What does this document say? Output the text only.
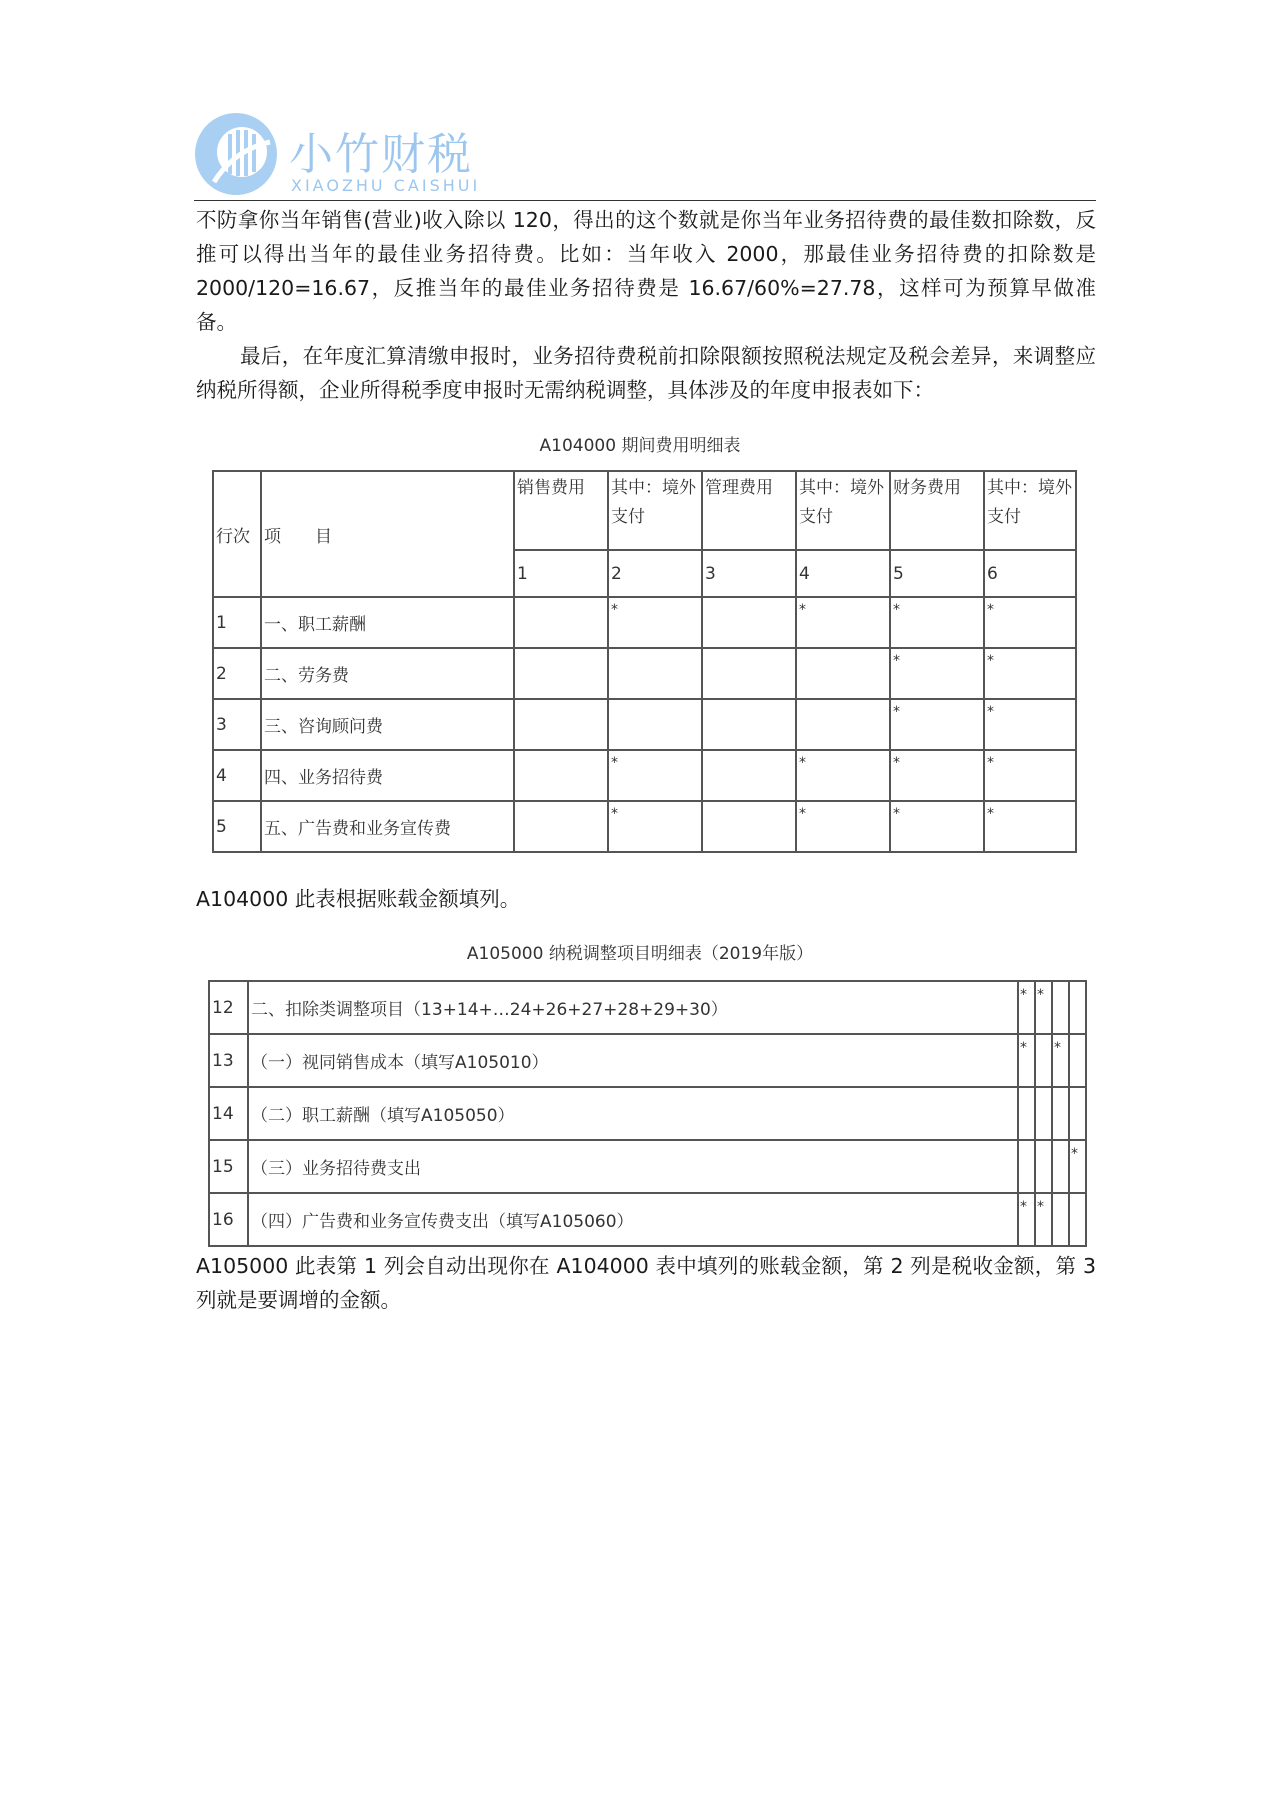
小竹财税
XIAOZHU CAISHUI

不防拿你当年销售(营业)收入除以 120，得出的这个数就是你当年业务招待费的最佳数扣除数，反推可以得出当年的最佳业务招待费。比如：当年收入 2000，那最佳业务招待费的扣除数是 2000/120=16.67，反推当年的最佳业务招待费是 16.67/60%=27.78，这样可为预算早做准备。

最后，在年度汇算清缴申报时，业务招待费税前扣除限额按照税法规定及税会差异，来调整应纳税所得额，企业所得税季度申报时无需纳税调整，具体涉及的年度申报表如下：

A104000 期间费用明细表
行次	项　　目	销售费用	其中：境外支付	管理费用	其中：境外支付	财务费用	其中：境外支付
		1	2	3	4	5	6
1	一、职工薪酬		*		*	*	*
2	二、劳务费					*	*
3	三、咨询顾问费					*	*
4	四、业务招待费		*		*	*	*
5	五、广告费和业务宣传费		*		*	*	*

A104000 此表根据账载金额填列。

A105000 纳税调整项目明细表（2019年版）
12	二、扣除类调整项目（13+14+…24+26+27+28+29+30）	*	*		
13	（一）视同销售成本（填写A105010）	*		*	
14	（二）职工薪酬（填写A105050）				
15	（三）业务招待费支出				*
16	（四）广告费和业务宣传费支出（填写A105060）	*	*		

A105000 此表第 1 列会自动出现你在 A104000 表中填列的账载金额，第 2 列是税收金额，第 3 列就是要调增的金额。
